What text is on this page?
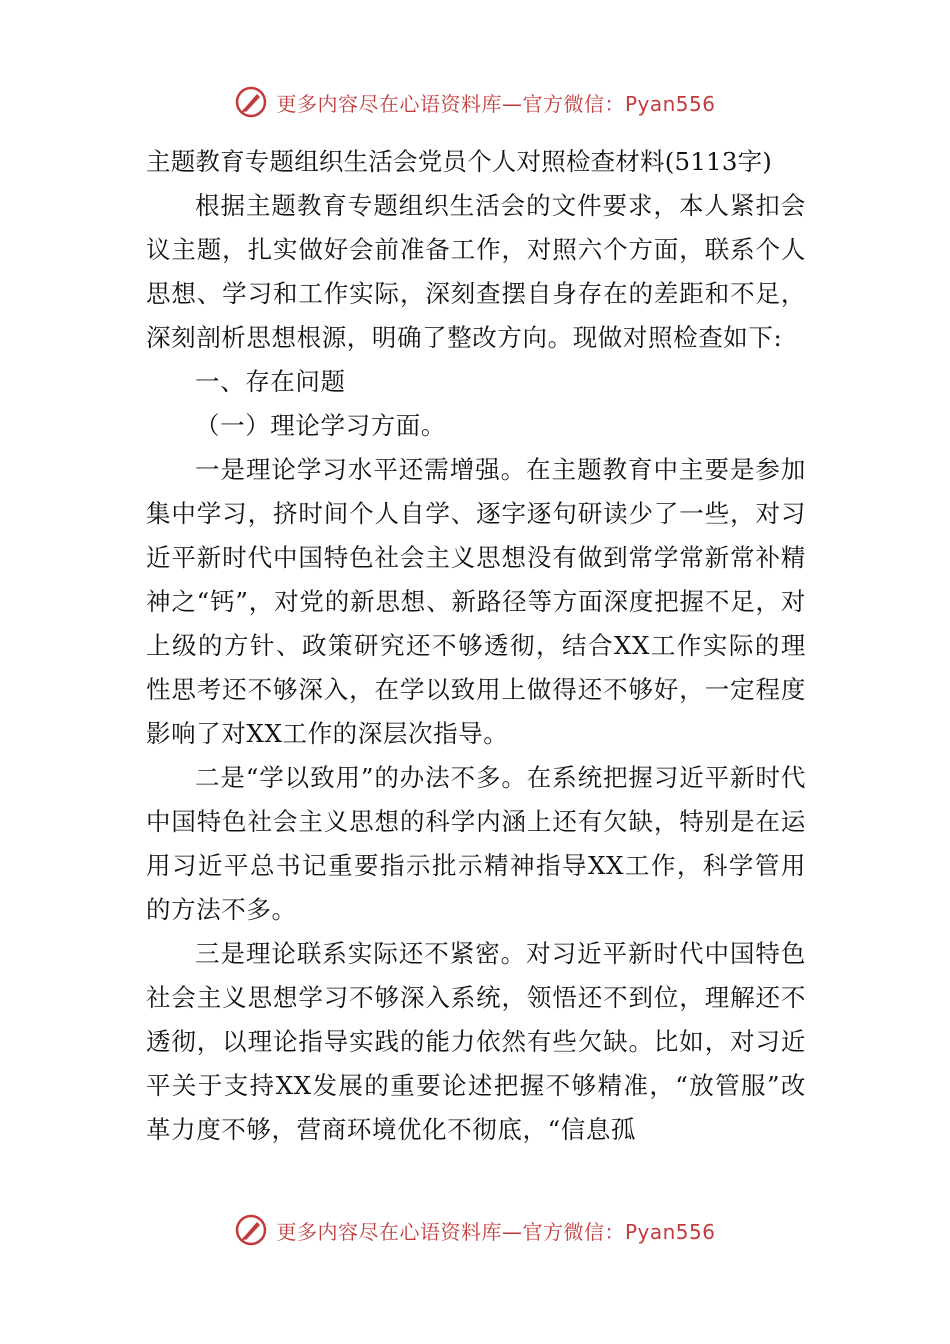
更多内容尽在心语资料库—官方微信：Pyan556

主题教育专题组织生活会党员个人对照检查材料(5113字)

根据主题教育专题组织生活会的文件要求，本人紧扣会议主题，扎实做好会前准备工作，对照六个方面，联系个人思想、学习和工作实际，深刻查摆自身存在的差距和不足，深刻剖析思想根源，明确了整改方向。现做对照检查如下:

一、存在问题

（一）理论学习方面。

一是理论学习水平还需增强。在主题教育中主要是参加集中学习，挤时间个人自学、逐字逐句研读少了一些，对习近平新时代中国特色社会主义思想没有做到常学常新常补精神之“钙”，对党的新思想、新路径等方面深度把握不足，对上级的方针、政策研究还不够透彻，结合XX工作实际的理性思考还不够深入，在学以致用上做得还不够好，一定程度影响了对XX工作的深层次指导。

二是“学以致用”的办法不多。在系统把握习近平新时代中国特色社会主义思想的科学内涵上还有欠缺，特别是在运用习近平总书记重要指示批示精神指导XX工作，科学管用的方法不多。

三是理论联系实际还不紧密。对习近平新时代中国特色社会主义思想学习不够深入系统，领悟还不到位，理解还不透彻，以理论指导实践的能力依然有些欠缺。比如，对习近平关于支持XX发展的重要论述把握不够精准，“放管服”改革力度不够，营商环境优化不彻底，“信息孤

更多内容尽在心语资料库—官方微信：Pyan556
